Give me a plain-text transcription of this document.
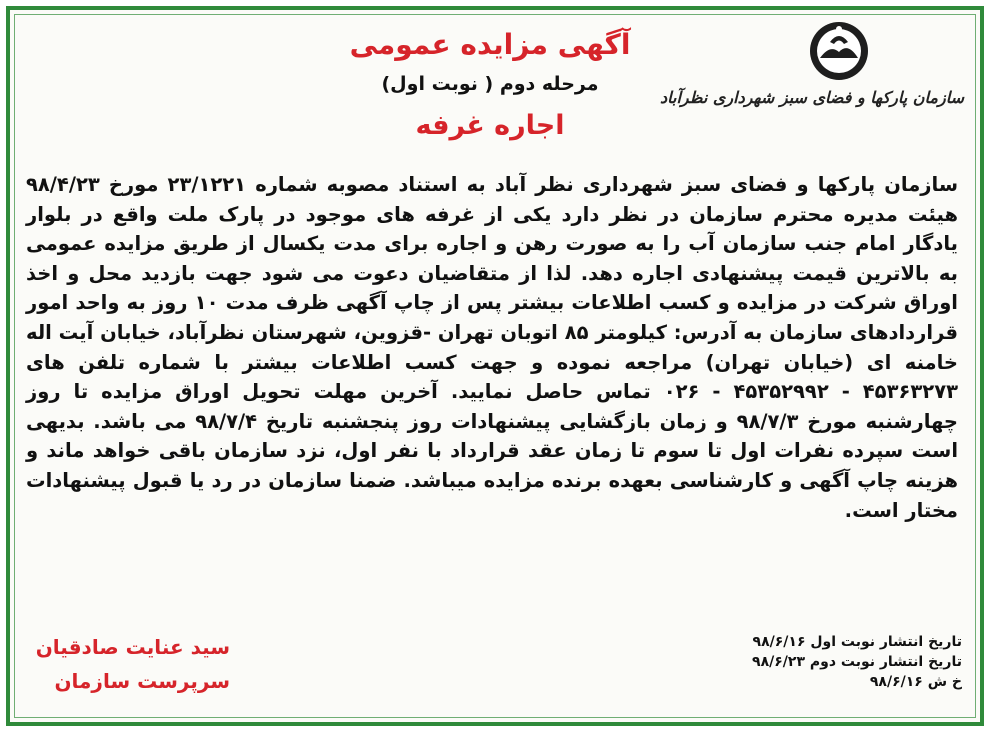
سازمان پارکها و فضای سبز شهرداری نظرآباد
آگهی مزایده عمومی
مرحله دوم ( نوبت اول)
اجاره غرفه

سازمان پارکها و فضای سبز شهرداری نظر آباد به استناد مصوبه شماره ۲۳/۱۲۲۱ مورخ ۹۸/۴/۲۳ هیئت مدیره محترم سازمان در نظر دارد یکی از غرفه های موجود در پارک ملت واقع در بلوار یادگار امام جنب سازمان آب را به صورت رهن و اجاره برای مدت یکسال از طریق مزایده عمومی به بالاترین قیمت پیشنهادی اجاره دهد. لذا از متقاضیان دعوت می شود جهت بازدید محل و اخذ اوراق شرکت در مزایده و کسب اطلاعات بیشتر پس از چاپ آگهی ظرف مدت ۱۰ روز به واحد امور قراردادهای سازمان به آدرس: کیلومتر ۸۵ اتوبان تهران -قزوین، شهرستان نظرآباد، خیابان آیت اله خامنه ای (خیابان تهران) مراجعه نموده و جهت کسب اطلاعات بیشتر با شماره تلفن های ۴۵۳۶۳۲۷۳ - ۴۵۳۵۲۹۹۲ - ۰۲۶ تماس حاصل نمایید. آخرین مهلت تحویل اوراق مزایده تا روز چهارشنبه مورخ ۹۸/۷/۳ و زمان بازگشایی پیشنهادات روز پنجشنبه تاریخ ۹۸/۷/۴ می باشد. بدیهی است سپرده نفرات اول تا سوم تا زمان عقد قرارداد با نفر اول، نزد سازمان باقی خواهد ماند و هزینه چاپ آگهی و کارشناسی بعهده برنده مزایده میباشد. ضمنا سازمان در رد یا قبول پیشنهادات مختار است.

تاریخ انتشار نوبت اول ۹۸/۶/۱۶
تاریخ انتشار نوبت دوم ۹۸/۶/۲۳
خ ش ۹۸/۶/۱۶
سید عنایت صادقیان
سرپرست سازمان
